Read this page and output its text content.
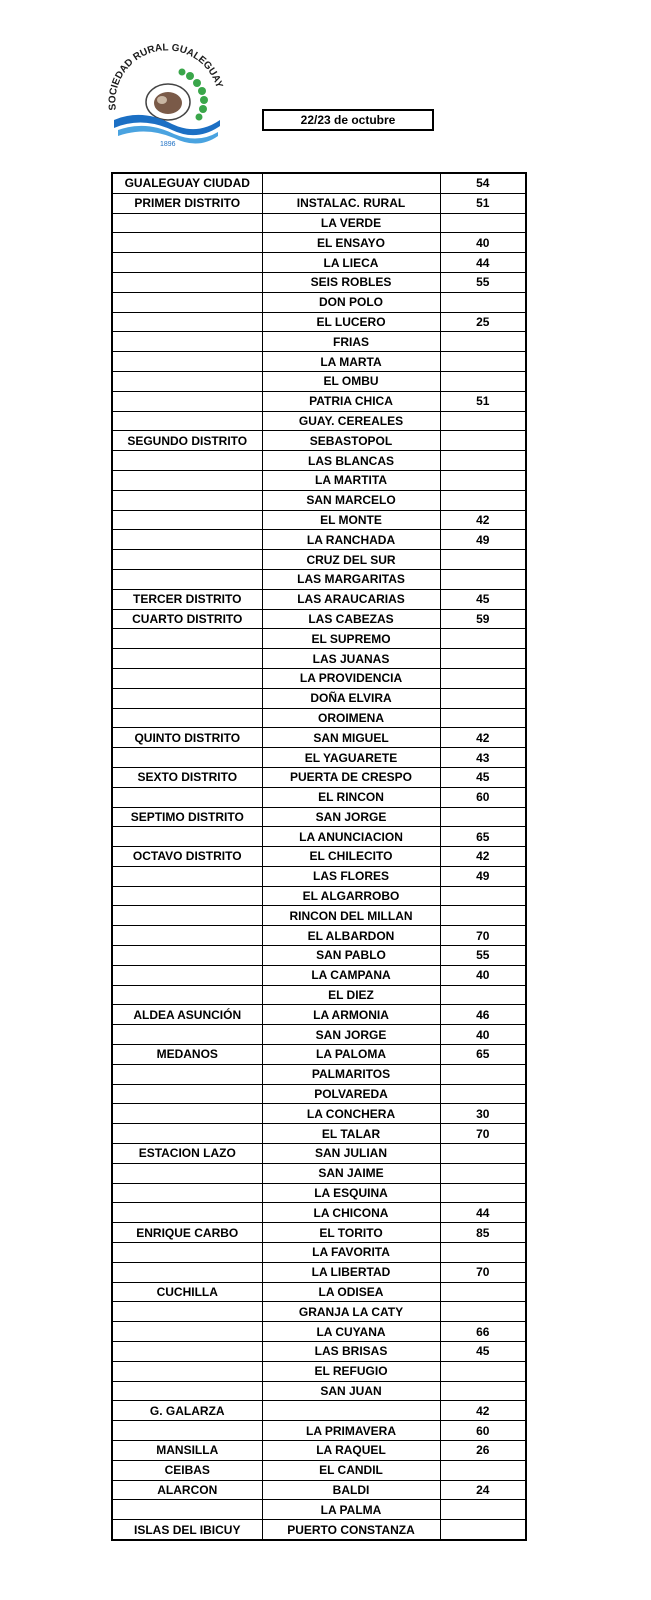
SOCIEDAD RURAL GUALEGUAY
1896
22/23 de octubre
GUALEGUAY CIUDAD		54
PRIMER DISTRITO	INSTALAC. RURAL	51
	LA VERDE	
	EL ENSAYO	40
	LA LIECA	44
	SEIS ROBLES	55
	DON POLO	
	EL LUCERO	25
	FRIAS	
	LA MARTA	
	EL OMBU	
	PATRIA CHICA	51
	GUAY. CEREALES	
SEGUNDO DISTRITO	SEBASTOPOL	
	LAS BLANCAS	
	LA MARTITA	
	SAN MARCELO	
	EL MONTE	42
	LA RANCHADA	49
	CRUZ DEL SUR	
	LAS MARGARITAS	
TERCER DISTRITO	LAS ARAUCARIAS	45
CUARTO DISTRITO	LAS CABEZAS	59
	EL SUPREMO	
	LAS JUANAS	
	LA PROVIDENCIA	
	DOÑA ELVIRA	
	OROIMENA	
QUINTO DISTRITO	SAN MIGUEL	42
	EL YAGUARETE	43
SEXTO DISTRITO	PUERTA DE CRESPO	45
	EL RINCON	60
SEPTIMO DISTRITO	SAN JORGE	
	LA ANUNCIACION	65
OCTAVO DISTRITO	EL CHILECITO	42
	LAS FLORES	49
	EL ALGARROBO	
	RINCON DEL MILLAN	
	EL ALBARDON	70
	SAN PABLO	55
	LA CAMPANA	40
	EL DIEZ	
ALDEA ASUNCIÓN	LA ARMONIA	46
	SAN JORGE	40
MEDANOS	LA PALOMA	65
	PALMARITOS	
	POLVAREDA	
	LA CONCHERA	30
	EL TALAR	70
ESTACION LAZO	SAN JULIAN	
	SAN JAIME	
	LA ESQUINA	
	LA CHICONA	44
ENRIQUE CARBO	EL TORITO	85
	LA FAVORITA	
	LA LIBERTAD	70
CUCHILLA	LA ODISEA	
	GRANJA LA CATY	
	LA CUYANA	66
	LAS BRISAS	45
	EL REFUGIO	
	SAN JUAN	
G. GALARZA		42
	LA PRIMAVERA	60
MANSILLA	LA RAQUEL	26
CEIBAS	EL CANDIL	
ALARCON	BALDI	24
	LA PALMA	
ISLAS DEL IBICUY	PUERTO CONSTANZA	
